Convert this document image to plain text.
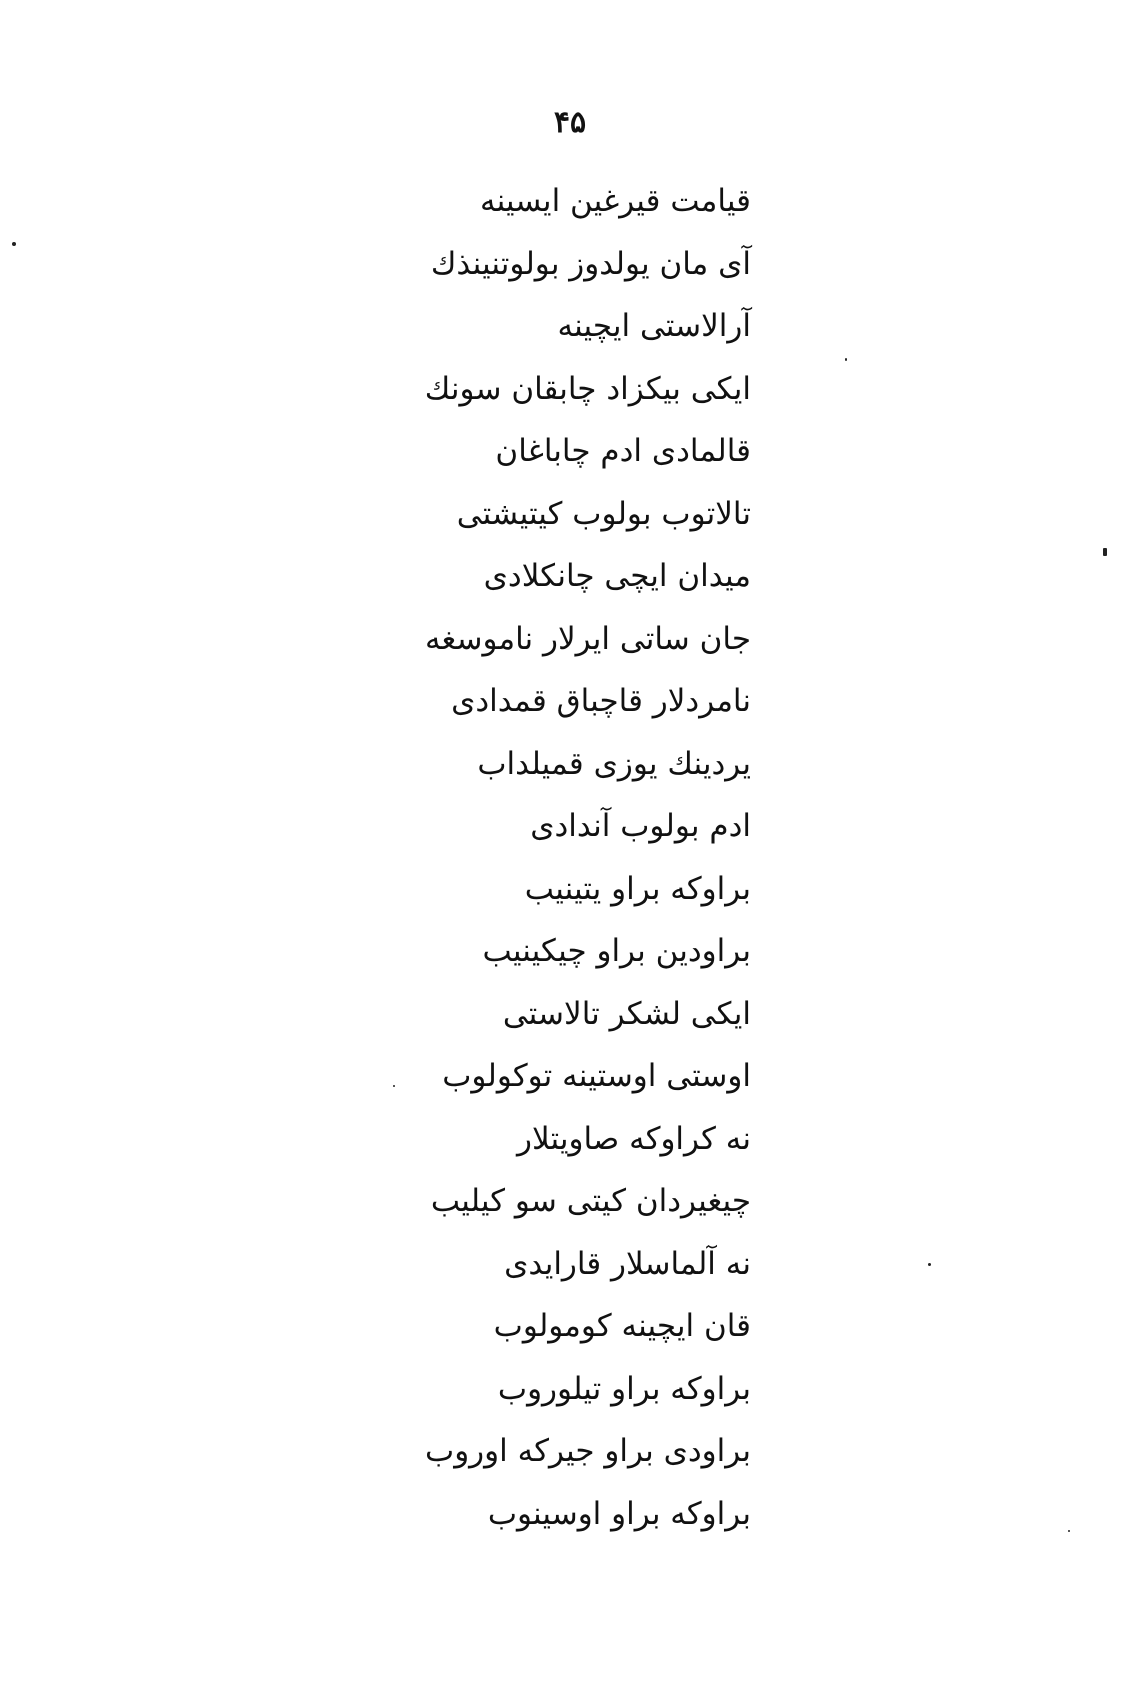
۴۵
قیامت قیرغین ایسینه
آی مان یولدوز بولوتنینذك
آرالاستی ایچینه
ایکی بیکزاد چابقان سونك
قالمادی ادم چاباغان
تالاتوب بولوب کیتیشتی
میدان ایچی چانکلادی
جان ساتی ایرلار ناموسغه
نامردلار قاچباق قمدادی
یردینك یوزی قمیلداب
ادم بولوب آندادی
براوکه براو یتینیب
براودین براو چیکینیب
ایکی لشکر تالاستی
اوستی اوستینه توکولوب
نه کراوکه صاویتلار
چیغیردان کیتی سو کیلیب
نه آلماسلار قارایدی
قان ایچینه کومولوب
براوکه براو تیلوروب
براودی براو جیرکه اوروب
براوکه براو اوسینوب
